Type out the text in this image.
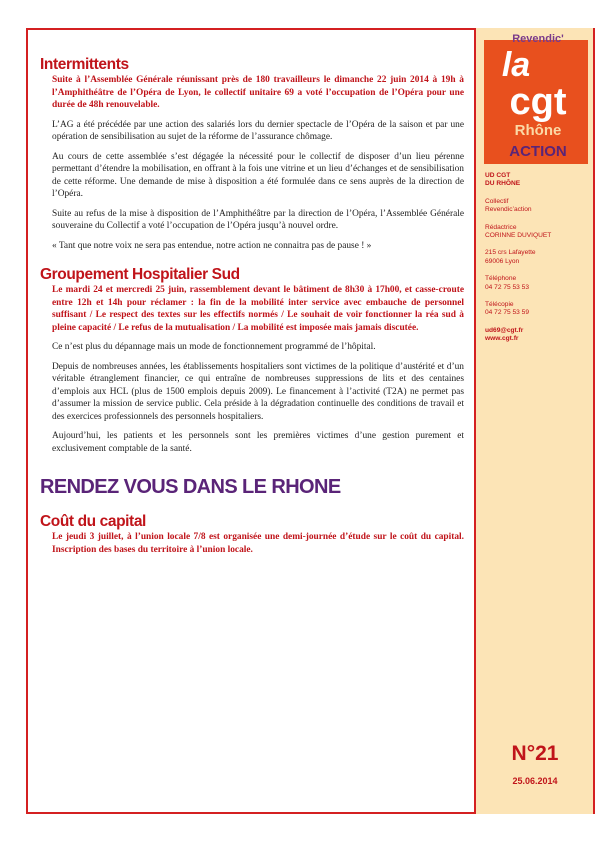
Intermittents

Suite à l’Assemblée Générale réunissant près de 180 travailleurs le dimanche 22 juin 2014 à 19h à l’Amphithéâtre de l’Opéra de Lyon, le collectif unitaire 69 a voté l’occupation de l’Opéra pour une durée de 48h renouvelable.

L’AG a été précédée par une action des salariés lors du dernier spectacle de l’Opéra de la saison et par une opération de sensibilisation au sujet de la réforme de l’assurance chômage.

Au cours de cette assemblée s’est dégagée la nécessité pour le collectif de disposer d’un lieu pérenne permettant d’étendre la mobilisation, en offrant à la fois une vitrine et un lieu d’échanges et de sensibilisation de cette réforme. Une demande de mise à disposition a été formulée dans ce sens auprès de la direction de l’Opéra.

Suite au refus de la mise à disposition de l’Amphithéâtre par la direction de l’Opéra, l’Assemblée Générale souveraine du Collectif a voté l’occupation de l’Opéra jusqu’à nouvel ordre.

« Tant que notre voix ne sera pas entendue, notre action ne connaitra pas de pause ! »

Groupement Hospitalier Sud

Le mardi 24 et mercredi 25 juin, rassemblement devant le bâtiment de 8h30 à 17h00, et casse-croute entre 12h et 14h pour réclamer : la fin de la mobilité inter service avec embauche de personnel suffisant / Le respect des textes sur les effectifs normés / Le souhait de voir fonctionner la réa sud à pleine capacité / Le refus de la mutualisation / La mobilité est imposée mais jamais discutée.

Ce n’est plus du dépannage mais un mode de fonctionnement programmé de l’hôpital.

Depuis de nombreuses années, les établissements hospitaliers sont victimes de la politique d’austérité et d’un véritable étranglement financier, ce qui entraîne de nombreuses suppressions de lits et des centaines d’emplois aux HCL (plus de 1500 emplois depuis 2009). Le financement à l’activité (T2A) ne permet pas d’assumer la mission de service public. Cela préside à la dégradation continuelle des conditions de travail et des exercices professionnels des personnels hospitaliers.

Aujourd’hui, les patients et les personnels sont les premières victimes d’une gestion purement et exclusivement comptable de la santé.

RENDEZ VOUS DANS LE RHONE
Coût du capital

Le jeudi 3 juillet, à l’union locale 7/8 est organisée une demi-journée d’étude sur le coût du capital. Inscription des bases du territoire à l’union locale.

Revendic'
la
cgt
Rhône
ACTION
UD CGT
DU RHÔNE
Collectif
Revendic’action
Rédactrice
CORINNE DUVIQUET
215 crs Lafayette
69006 Lyon
Téléphone
04 72 75 53 53
Télécopie
04 72 75 53 59
ud69@cgt.fr
www.cgt.fr
N°21
25.06.2014
